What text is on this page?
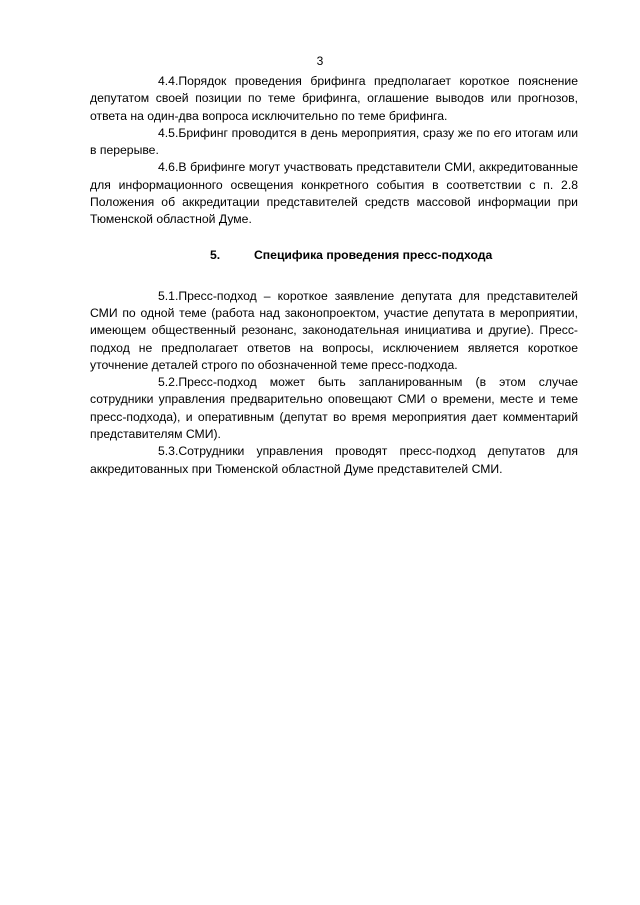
3

4.4.Порядок проведения брифинга предполагает короткое пояснение депутатом своей позиции по теме брифинга, оглашение выводов или прогнозов, ответа на один-два вопроса исключительно по теме брифинга.

4.5.Брифинг проводится в день мероприятия, сразу же по его итогам или в перерыве.

4.6.В брифинге могут участвовать представители СМИ, аккредитованные для информационного освещения конкретного события в соответствии с п. 2.8 Положения об аккредитации представителей средств массовой информации при Тюменской областной Думе.

5.	Специфика проведения пресс-подхода

5.1.Пресс-подход – короткое заявление депутата для представителей СМИ по одной теме (работа над законопроектом, участие депутата в мероприятии, имеющем общественный резонанс, законодательная инициатива и другие). Пресс-подход не предполагает ответов на вопросы, исключением является короткое уточнение деталей строго по обозначенной теме пресс-подхода.

5.2.Пресс-подход может быть запланированным (в этом случае сотрудники управления предварительно оповещают СМИ о времени, месте и теме пресс-подхода), и оперативным (депутат во время мероприятия дает комментарий представителям СМИ).

5.3.Сотрудники управления проводят пресс-подход депутатов для аккредитованных при Тюменской областной Думе представителей СМИ.
